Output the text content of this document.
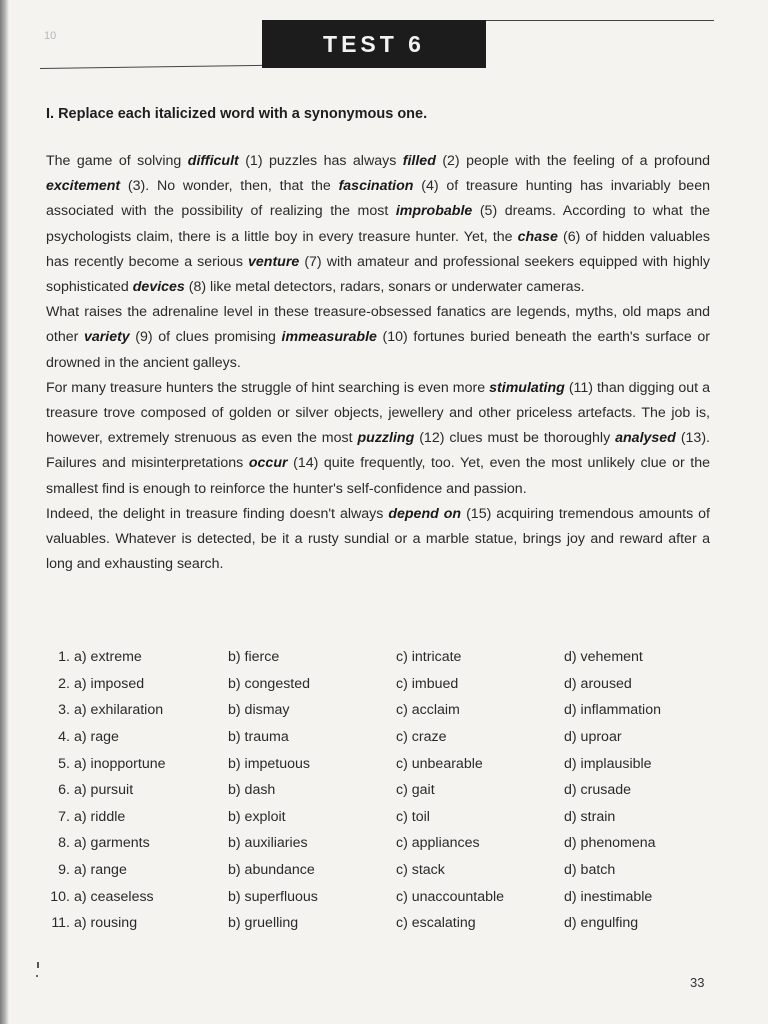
10	TEST 6
I. Replace each italicized word with a synonymous one.

The game of solving difficult (1) puzzles has always filled (2) people with the feeling of a profound excitement (3). No wonder, then, that the fascination (4) of treasure hunting has invariably been associated with the possibility of realizing the most improbable (5) dreams. According to what the psychologists claim, there is a little boy in every treasure hunter. Yet, the chase (6) of hidden valuables has recently become a serious venture (7) with amateur and professional seekers equipped with highly sophisticated devices (8) like metal detectors, radars, sonars or underwater cameras.

What raises the adrenaline level in these treasure-obsessed fanatics are legends, myths, old maps and other variety (9) of clues promising immeasurable (10) fortunes buried beneath the earth's surface or drowned in the ancient galleys.

For many treasure hunters the struggle of hint searching is even more stimulating (11) than digging out a treasure trove composed of golden or silver objects, jewellery and other priceless artefacts. The job is, however, extremely strenuous as even the most puzzling (12) clues must be thoroughly analysed (13). Failures and misinterpretations occur (14) quite frequently, too. Yet, even the most unlikely clue or the smallest find is enough to reinforce the hunter's self-confidence and passion.

Indeed, the delight in treasure finding doesn't always depend on (15) acquiring tremendous amounts of valuables. Whatever is detected, be it a rusty sundial or a marble statue, brings joy and reward after a long and exhausting search.

1. a) extreme	b) fierce	c) intricate	d) vehement
2. a) imposed	b) congested	c) imbued	d) aroused
3. a) exhilaration	b) dismay	c) acclaim	d) inflammation
4. a) rage	b) trauma	c) craze	d) uproar
5. a) inopportune	b) impetuous	c) unbearable	d) implausible
6. a) pursuit	b) dash	c) gait	d) crusade
7. a) riddle	b) exploit	c) toil	d) strain
8. a) garments	b) auxiliaries	c) appliances	d) phenomena
9. a) range	b) abundance	c) stack	d) batch
10. a) ceaseless	b) superfluous	c) unaccountable	d) inestimable
11. a) rousing	b) gruelling	c) escalating	d) engulfing
33
